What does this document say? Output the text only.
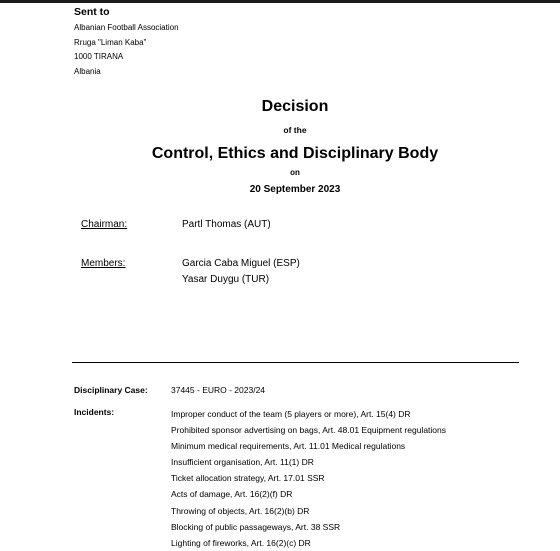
Sent to
Albanian Football Association
Rruga "Liman Kaba"
1000 TIRANA
Albania
Decision
of the
Control, Ethics and Disciplinary Body
on
20 September 2023
Chairman:	Partl Thomas (AUT)
Members:	Garcia Caba Miguel (ESP)
Yasar Duygu (TUR)
Disciplinary Case:	37445 - EURO - 2023/24
Incidents:	Improper conduct of the team (5 players or more), Art. 15(4) DR
Prohibited sponsor advertising on bags, Art. 48.01 Equipment regulations
Minimum medical requirements, Art. 11.01 Medical regulations
Insufficient organisation, Art. 11(1) DR
Ticket allocation strategy, Art. 17.01 SSR
Acts of damage, Art. 16(2)(f) DR
Throwing of objects, Art. 16(2)(b) DR
Blocking of public passageways, Art. 38 SSR
Lighting of fireworks, Art. 16(2)(c) DR
